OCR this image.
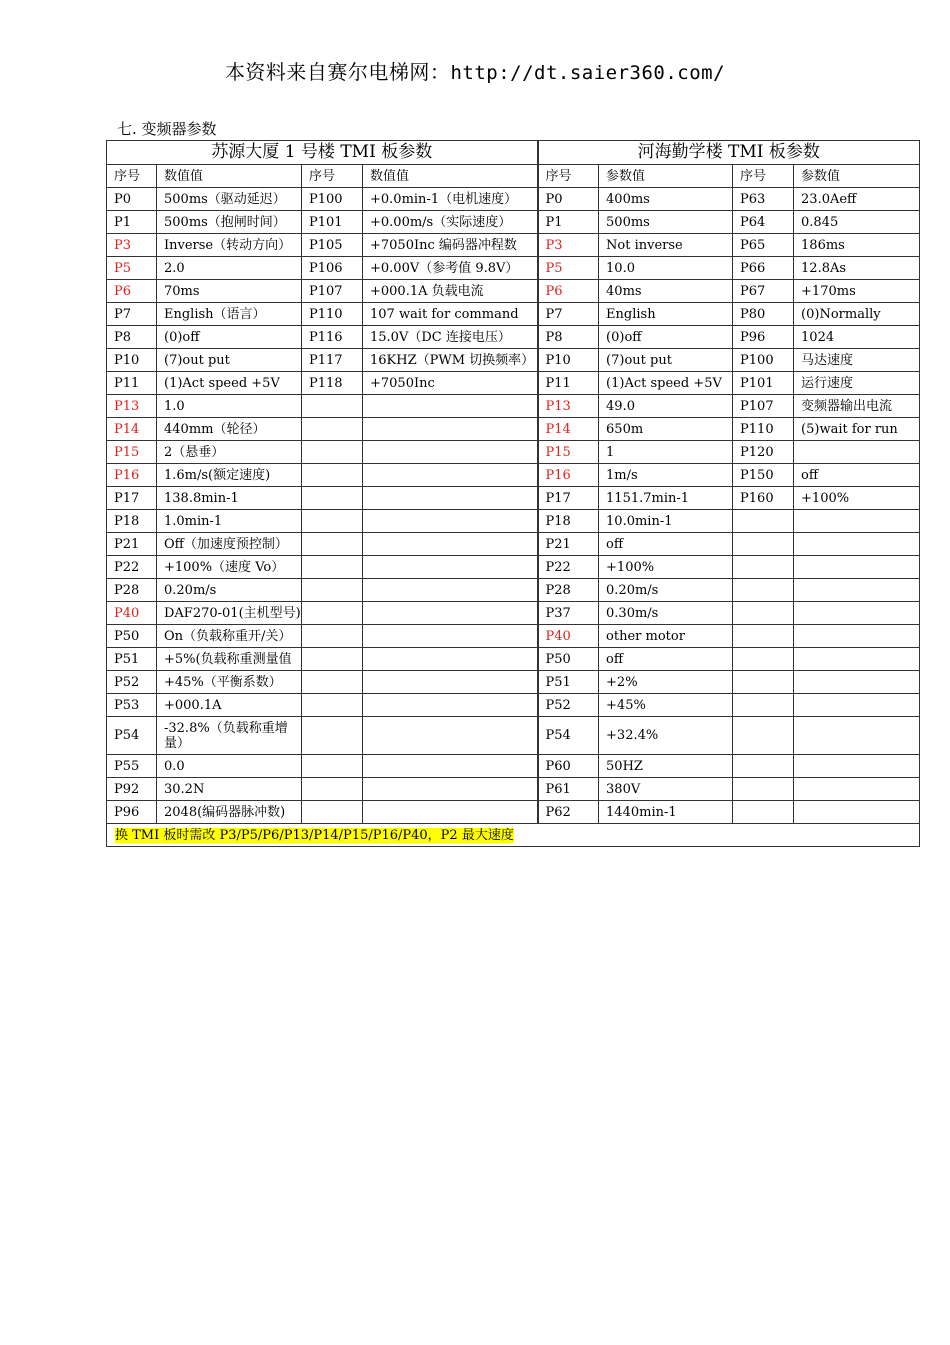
本资料来自赛尔电梯网：http://dt.saier360.com/
七. 变频器参数
苏源大厦 1 号楼 TMI 板参数				河海勤学楼 TMI 板参数			
序号	数值值	序号	数值值	序号	参数值	序号	参数值
P0	500ms（驱动延迟）	P100	+0.0min-1（电机速度）	P0	400ms	P63	23.0Aeff
P1	500ms（抱闸时间）	P101	+0.00m/s（实际速度）	P1	500ms	P64	0.845
P3	Inverse（转动方向）	P105	+7050Inc 编码器冲程数	P3	Not inverse	P65	186ms
P5	2.0	P106	+0.00V（参考值 9.8V）	P5	10.0	P66	12.8As
P6	70ms	P107	+000.1A 负载电流	P6	40ms	P67	+170ms
P7	English（语言）	P110	107 wait for command	P7	English	P80	(0)Normally
P8	(0)off	P116	15.0V（DC 连接电压）	P8	(0)off	P96	1024
P10	(7)out put	P117	16KHZ（PWM 切换频率）	P10	(7)out put	P100	马达速度
P11	(1)Act speed +5V	P118	+7050Inc	P11	(1)Act speed +5V	P101	运行速度
P13	1.0			P13	49.0	P107	变频器输出电流
P14	440mm（轮径）			P14	650m	P110	(5)wait for run
P15	2（悬垂）			P15	1	P120	
P16	1.6m/s(额定速度)			P16	1m/s	P150	off
P17	138.8min-1			P17	1151.7min-1	P160	+100%
P18	1.0min-1			P18	10.0min-1		
P21	Off（加速度预控制）			P21	off		
P22	+100%（速度 Vo）			P22	+100%		
P28	0.20m/s			P28	0.20m/s		
P40	DAF270-01(主机型号)			P37	0.30m/s		
P50	On（负载称重开/关）			P40	other motor		
P51	+5%(负载称重测量值			P50	off		
P52	+45%（平衡系数）			P51	+2%		
P53	+000.1A			P52	+45%		
P54	-32.8%（负载称重增量）			P54	+32.4%		
P55	0.0			P60	50HZ		
P92	30.2N			P61	380V		
P96	2048(编码器脉冲数)			P62	1440min-1		
换 TMI 板时需改 P3/P5/P6/P13/P14/P15/P16/P40，P2 最大速度							
